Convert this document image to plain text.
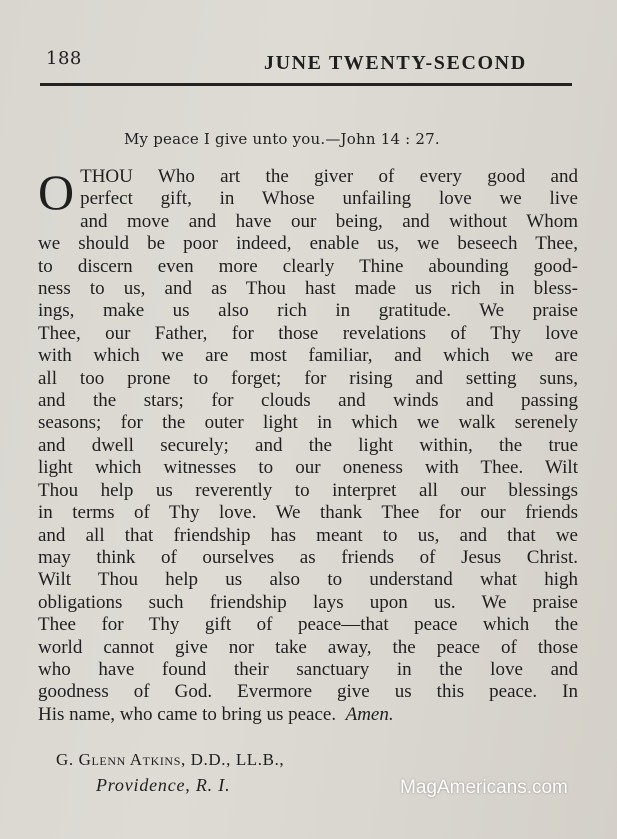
188	JUNE TWENTY-SECOND
My peace I give unto you.—John 14 : 27.
O THOU Who art the giver of every good and
perfect gift, in Whose unfailing love we live
and move and have our being, and without Whom
we should be poor indeed, enable us, we beseech Thee,
to discern even more clearly Thine abounding good-
ness to us, and as Thou hast made us rich in bless-
ings, make us also rich in gratitude. We praise
Thee, our Father, for those revelations of Thy love
with which we are most familiar, and which we are
all too prone to forget; for rising and setting suns,
and the stars; for clouds and winds and passing
seasons; for the outer light in which we walk serenely
and dwell securely; and the light within, the true
light which witnesses to our oneness with Thee. Wilt
Thou help us reverently to interpret all our blessings
in terms of Thy love. We thank Thee for our friends
and all that friendship has meant to us, and that we
may think of ourselves as friends of Jesus Christ.
Wilt Thou help us also to understand what high
obligations such friendship lays upon us. We praise
Thee for Thy gift of peace—that peace which the
world cannot give nor take away, the peace of those
who have found their sanctuary in the love and
goodness of God. Evermore give us this peace. In
His name, who came to bring us peace. Amen.
G. Glenn Atkins, D.D., LL.B.,
Providence, R. I.	MagAmericans.com
